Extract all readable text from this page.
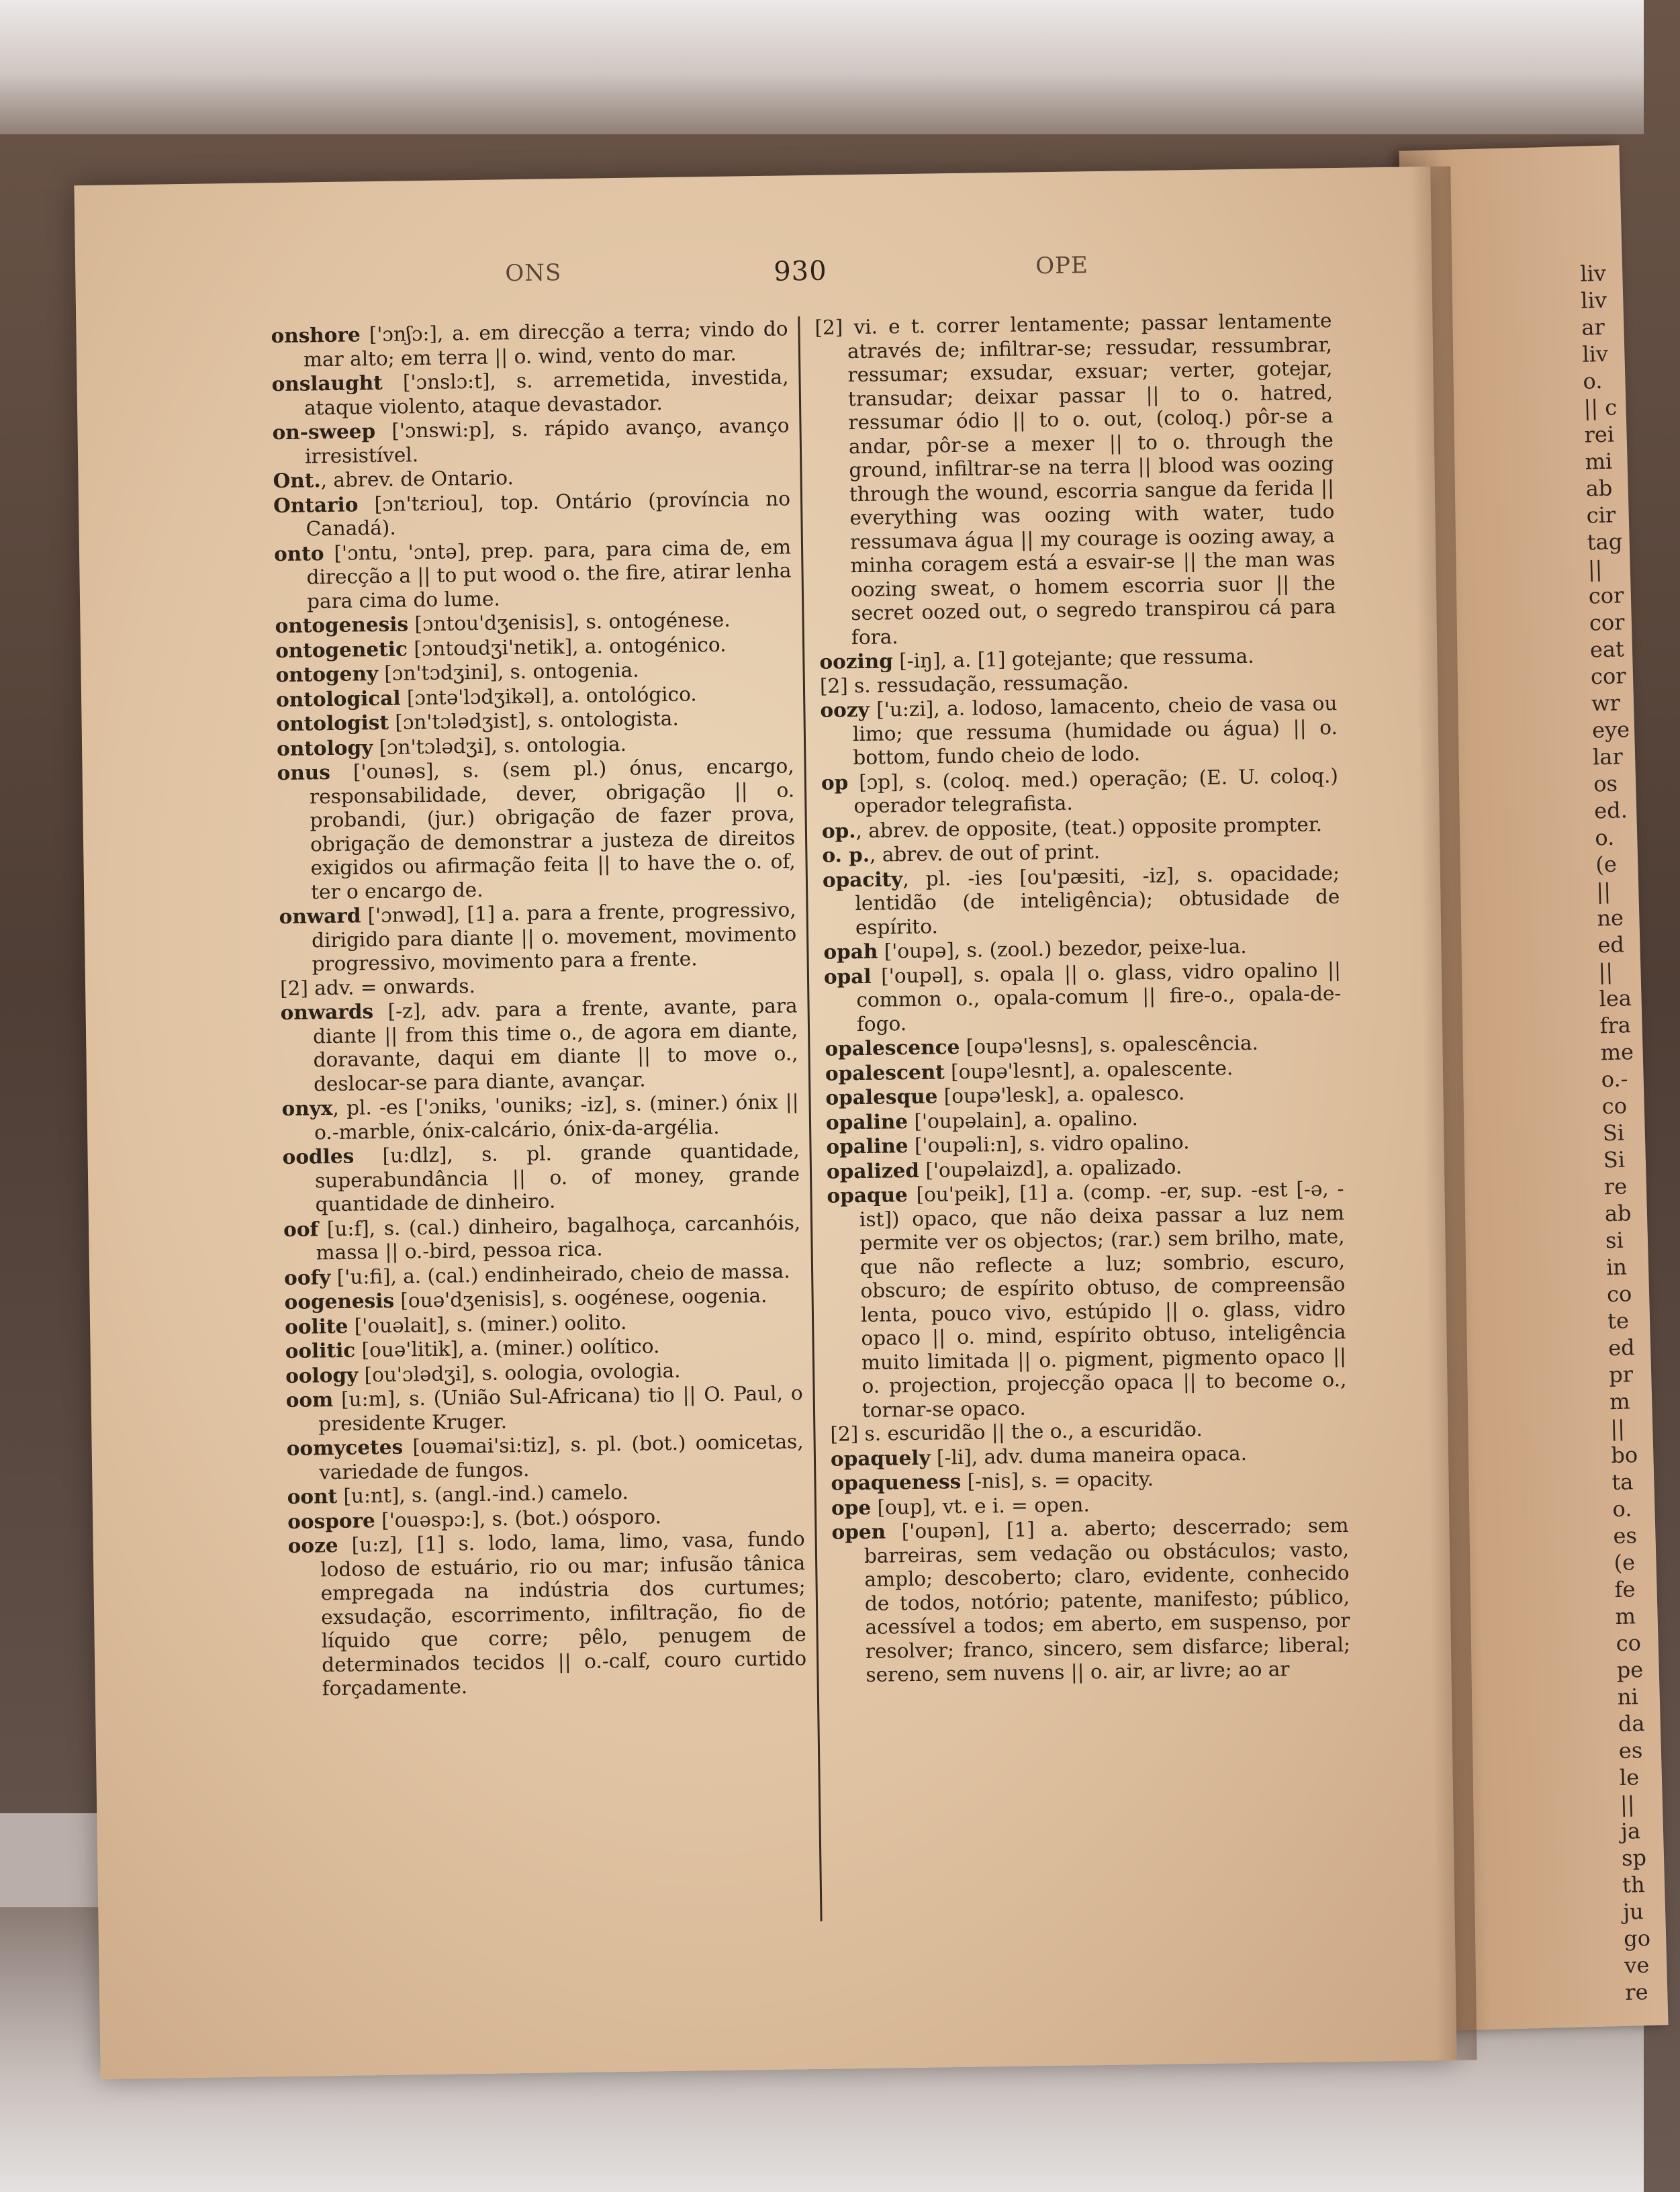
liv
liv
ar
liv
o.
|| c
rei
mi
ab
cir
tag
||
cor
cor
eat
cor
wr
eye
lar
os
ed.
o.
(e
||
ne
ed
||
lea
fra
me
o.-
co
Si
Si
re
ab
si
in
co
te
ed
pr
m
||
bo
ta
o.
es
(e
fe
m
co
pe
ni
da
es
le
||
ja
sp
th
ju
go
ve
re
ONS	930	OPE
onshore ['ɔnʃɔ:], a. em direcção a terra; vindo do mar alto; em terra || o. wind, vento do mar.
onslaught ['ɔnslɔ:t], s. arremetida, investida, ataque violento, ataque devastador.
on-sweep ['ɔnswi:p], s. rápido avanço, avanço irresistível.
Ont., abrev. de Ontario.
Ontario [ɔn'tɛriou], top. Ontário (província no Canadá).
onto ['ɔntu, 'ɔntə], prep. para, para cima de, em direcção a || to put wood o. the fire, atirar lenha para cima do lume.
ontogenesis [ɔntou'dʒenisis], s. ontogénese.
ontogenetic [ɔntoudʒi'netik], a. ontogénico.
ontogeny [ɔn'tɔdʒini], s. ontogenia.
ontological [ɔntə'lɔdʒikəl], a. ontológico.
ontologist [ɔn'tɔlədʒist], s. ontologista.
ontology [ɔn'tɔlədʒi], s. ontologia.
onus ['ounəs], s. (sem pl.) ónus, encargo, responsabilidade, dever, obrigação || o. probandi, (jur.) obrigação de fazer prova, obrigação de demonstrar a justeza de direitos exigidos ou afirmação feita || to have the o. of, ter o encargo de.
onward ['ɔnwəd], [1] a. para a frente, progressivo, dirigido para diante || o. movement, movimento progressivo, movimento para a frente.
[2] adv. = onwards.
onwards [-z], adv. para a frente, avante, para diante || from this time o., de agora em diante, doravante, daqui em diante || to move o., deslocar-se para diante, avançar.
onyx, pl. -es ['ɔniks, 'ouniks; -iz], s. (miner.) ónix || o.-marble, ónix-calcário, ónix-da-argélia.
oodles [u:dlz], s. pl. grande quantidade, superabundância || o. of money, grande quantidade de dinheiro.
oof [u:f], s. (cal.) dinheiro, bagalhoça, carcanhóis, massa || o.-bird, pessoa rica.
oofy ['u:fi], a. (cal.) endinheirado, cheio de massa.
oogenesis [ouə'dʒenisis], s. oogénese, oogenia.
oolite ['ouəlait], s. (miner.) oolito.
oolitic [ouə'litik], a. (miner.) oolítico.
oology [ou'ɔlədʒi], s. oologia, ovologia.
oom [u:m], s. (União Sul-Africana) tio || O. Paul, o presidente Kruger.
oomycetes [ouəmai'si:tiz], s. pl. (bot.) oomicetas, variedade de fungos.
oont [u:nt], s. (angl.-ind.) camelo.
oospore ['ouəspɔ:], s. (bot.) oósporo.
ooze [u:z], [1] s. lodo, lama, limo, vasa, fundo lodoso de estuário, rio ou mar; infusão tânica empregada na indústria dos curtumes; exsudação, escorrimento, infiltração, fio de líquido que corre; pêlo, penugem de determinados tecidos || o.-calf, couro curtido forçadamente.
[2] vi. e t. correr lentamente; passar lentamente através de; infiltrar-se; ressudar, ressumbrar, ressumar; exsudar, exsuar; verter, gotejar, transudar; deixar passar || to o. hatred, ressumar ódio || to o. out, (coloq.) pôr-se a andar, pôr-se a mexer || to o. through the ground, infiltrar-se na terra || blood was oozing through the wound, escorria sangue da ferida || everything was oozing with water, tudo ressumava água || my courage is oozing away, a minha coragem está a esvair-se || the man was oozing sweat, o homem escorria suor || the secret oozed out, o segredo transpirou cá para fora.
oozing [-iŋ], a. [1] gotejante; que ressuma.
[2] s. ressudação, ressumação.
oozy ['u:zi], a. lodoso, lamacento, cheio de vasa ou limo; que ressuma (humidade ou água) || o. bottom, fundo cheio de lodo.
op [ɔp], s. (coloq. med.) operação; (E. U. coloq.) operador telegrafista.
op., abrev. de opposite, (teat.) opposite prompter.
o. p., abrev. de out of print.
opacity, pl. -ies [ou'pæsiti, -iz], s. opacidade; lentidão (de inteligência); obtusidade de espírito.
opah ['oupə], s. (zool.) bezedor, peixe-lua.
opal ['oupəl], s. opala || o. glass, vidro opalino || common o., opala-comum || fire-o., opala-de-fogo.
opalescence [oupə'lesns], s. opalescência.
opalescent [oupə'lesnt], a. opalescente.
opalesque [oupə'lesk], a. opalesco.
opaline ['oupəlain], a. opalino.
opaline ['oupəli:n], s. vidro opalino.
opalized ['oupəlaizd], a. opalizado.
opaque [ou'peik], [1] a. (comp. -er, sup. -est [-ə, -ist]) opaco, que não deixa passar a luz nem permite ver os objectos; (rar.) sem brilho, mate, que não reflecte a luz; sombrio, escuro, obscuro; de espírito obtuso, de compreensão lenta, pouco vivo, estúpido || o. glass, vidro opaco || o. mind, espírito obtuso, inteligência muito limitada || o. pigment, pigmento opaco || o. projection, projecção opaca || to become o., tornar-se opaco.
[2] s. escuridão || the o., a escuridão.
opaquely [-li], adv. duma maneira opaca.
opaqueness [-nis], s. = opacity.
ope [oup], vt. e i. = open.
open ['oupən], [1] a. aberto; descerrado; sem barreiras, sem vedação ou obstáculos; vasto, amplo; descoberto; claro, evidente, conhecido de todos, notório; patente, manifesto; público, acessível a todos; em aberto, em suspenso, por resolver; franco, sincero, sem disfarce; liberal; sereno, sem nuvens || o. air, ar livre; ao ar
